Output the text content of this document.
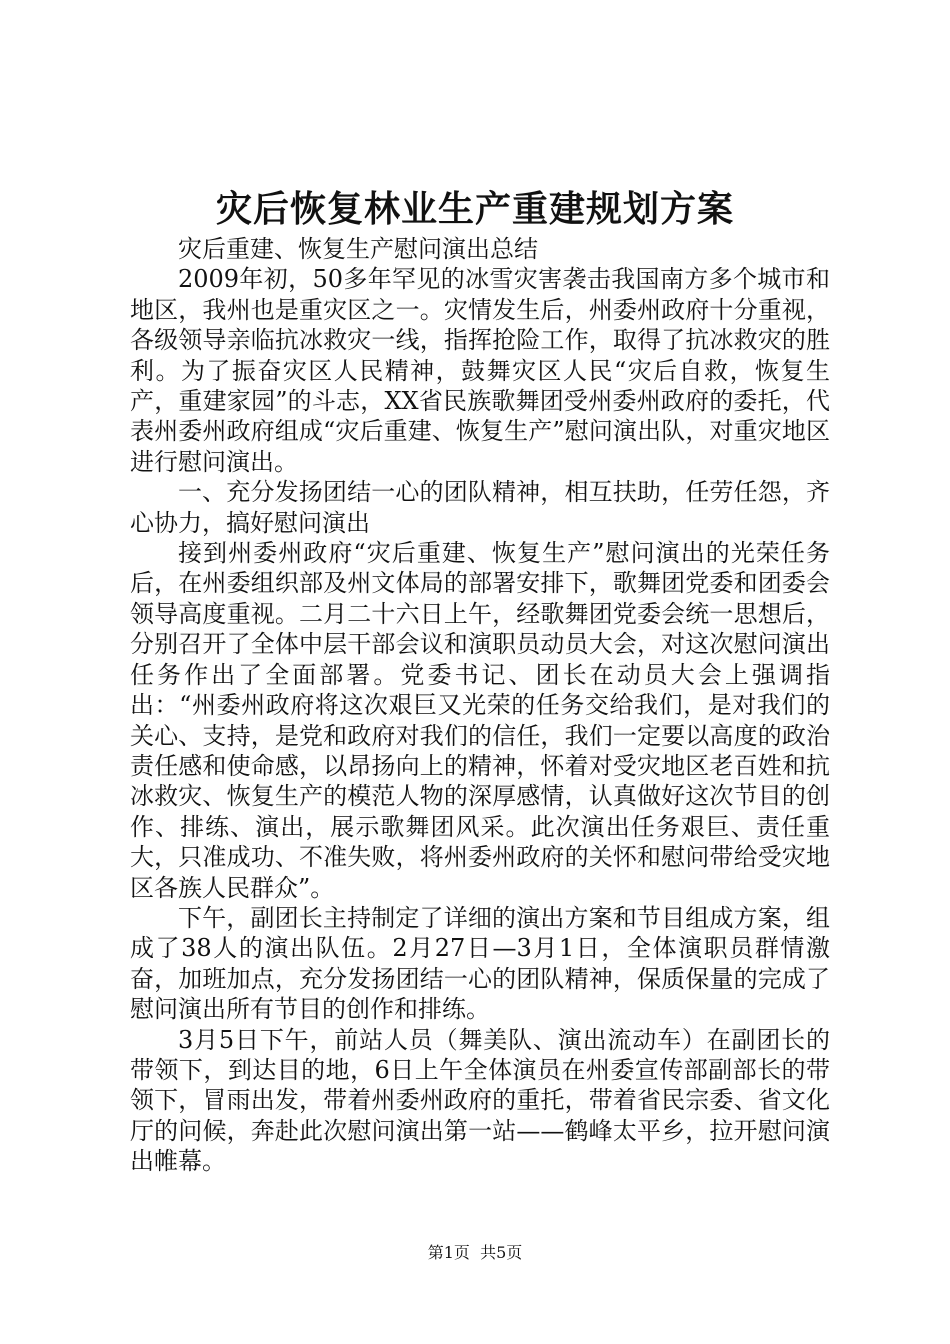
灾后恢复林业生产重建规划方案

灾后重建、恢复生产慰问演出总结

2009年初，50多年罕见的冰雪灾害袭击我国南方多个城市和地区，我州也是重灾区之一。灾情发生后，州委州政府十分重视，各级领导亲临抗冰救灾一线，指挥抢险工作，取得了抗冰救灾的胜利。为了振奋灾区人民精神，鼓舞灾区人民“灾后自救，恢复生产，重建家园”的斗志，XX省民族歌舞团受州委州政府的委托，代表州委州政府组成“灾后重建、恢复生产”慰问演出队，对重灾地区进行慰问演出。

一、充分发扬团结一心的团队精神，相互扶助，任劳任怨，齐心协力，搞好慰问演出

接到州委州政府“灾后重建、恢复生产”慰问演出的光荣任务后，在州委组织部及州文体局的部署安排下，歌舞团党委和团委会领导高度重视。二月二十六日上午，经歌舞团党委会统一思想后，分别召开了全体中层干部会议和演职员动员大会，对这次慰问演出任务作出了全面部署。党委书记、团长在动员大会上强调指出：“州委州政府将这次艰巨又光荣的任务交给我们，是对我们的关心、支持，是党和政府对我们的信任，我们一定要以高度的政治责任感和使命感，以昂扬向上的精神，怀着对受灾地区老百姓和抗冰救灾、恢复生产的模范人物的深厚感情，认真做好这次节目的创作、排练、演出，展示歌舞团风采。此次演出任务艰巨、责任重大，只准成功、不准失败，将州委州政府的关怀和慰问带给受灾地区各族人民群众”。

下午，副团长主持制定了详细的演出方案和节目组成方案，组成了38人的演出队伍。2月27日—3月1日，全体演职员群情激奋，加班加点，充分发扬团结一心的团队精神，保质保量的完成了慰问演出所有节目的创作和排练。

3月5日下午，前站人员（舞美队、演出流动车）在副团长的带领下，到达目的地，6日上午全体演员在州委宣传部副部长的带领下，冒雨出发，带着州委州政府的重托，带着省民宗委、省文化厅的问候，奔赴此次慰问演出第一站——鹤峰太平乡，拉开慰问演出帷幕。

第1页 共5页
